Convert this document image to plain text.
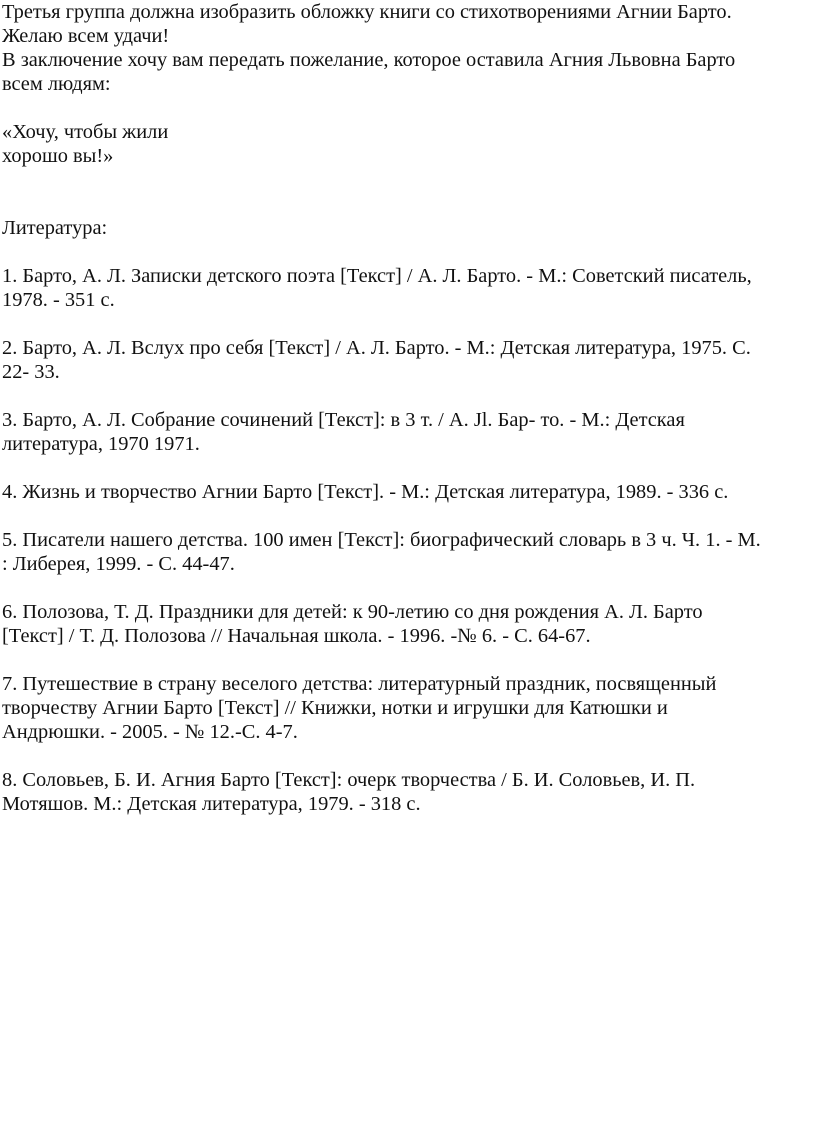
Третья группа должна изобразить обложку книги со стихотворениями Агнии Барто.
Желаю всем удачи!
В заключение хочу вам передать пожелание, которое оставила Агния Львовна Барто
всем людям:

«Хочу, чтобы жили
хорошо вы!»

Литература:

1. Барто, А. Л. Записки детского поэта [Текст] / А. Л. Барто. - М.: Советский писатель,
1978. - 351 с.

2. Барто, А. Л. Вслух про себя [Текст] / А. Л. Барто. - М.: Детская литература, 1975. С.
22- 33.

3. Барто, А. Л. Собрание сочинений [Текст]: в 3 т. / А. Jl. Бар- то. - М.: Детская
литература, 1970 1971.

4. Жизнь и творчество Агнии Барто [Текст]. - М.: Детская литература, 1989. - 336 с.

5. Писатели нашего детства. 100 имен [Текст]: биографический словарь в 3 ч. Ч. 1. - М.
: Либерея, 1999. - С. 44-47.

6. Полозова, Т. Д. Праздники для детей: к 90-летию со дня рождения А. Л. Барто
[Текст] / Т. Д. Полозова // Начальная школа. - 1996. -№ 6. - С. 64-67.

7. Путешествие в страну веселого детства: литературный праздник, посвященный
творчеству Агнии Барто [Текст] // Книжки, нотки и игрушки для Катюшки и
Андрюшки. - 2005. - № 12.-С. 4-7.

8. Соловьев, Б. И. Агния Барто [Текст]: очерк творчества / Б. И. Соловьев, И. П.
Мотяшов. М.: Детская литература, 1979. - 318 с.
